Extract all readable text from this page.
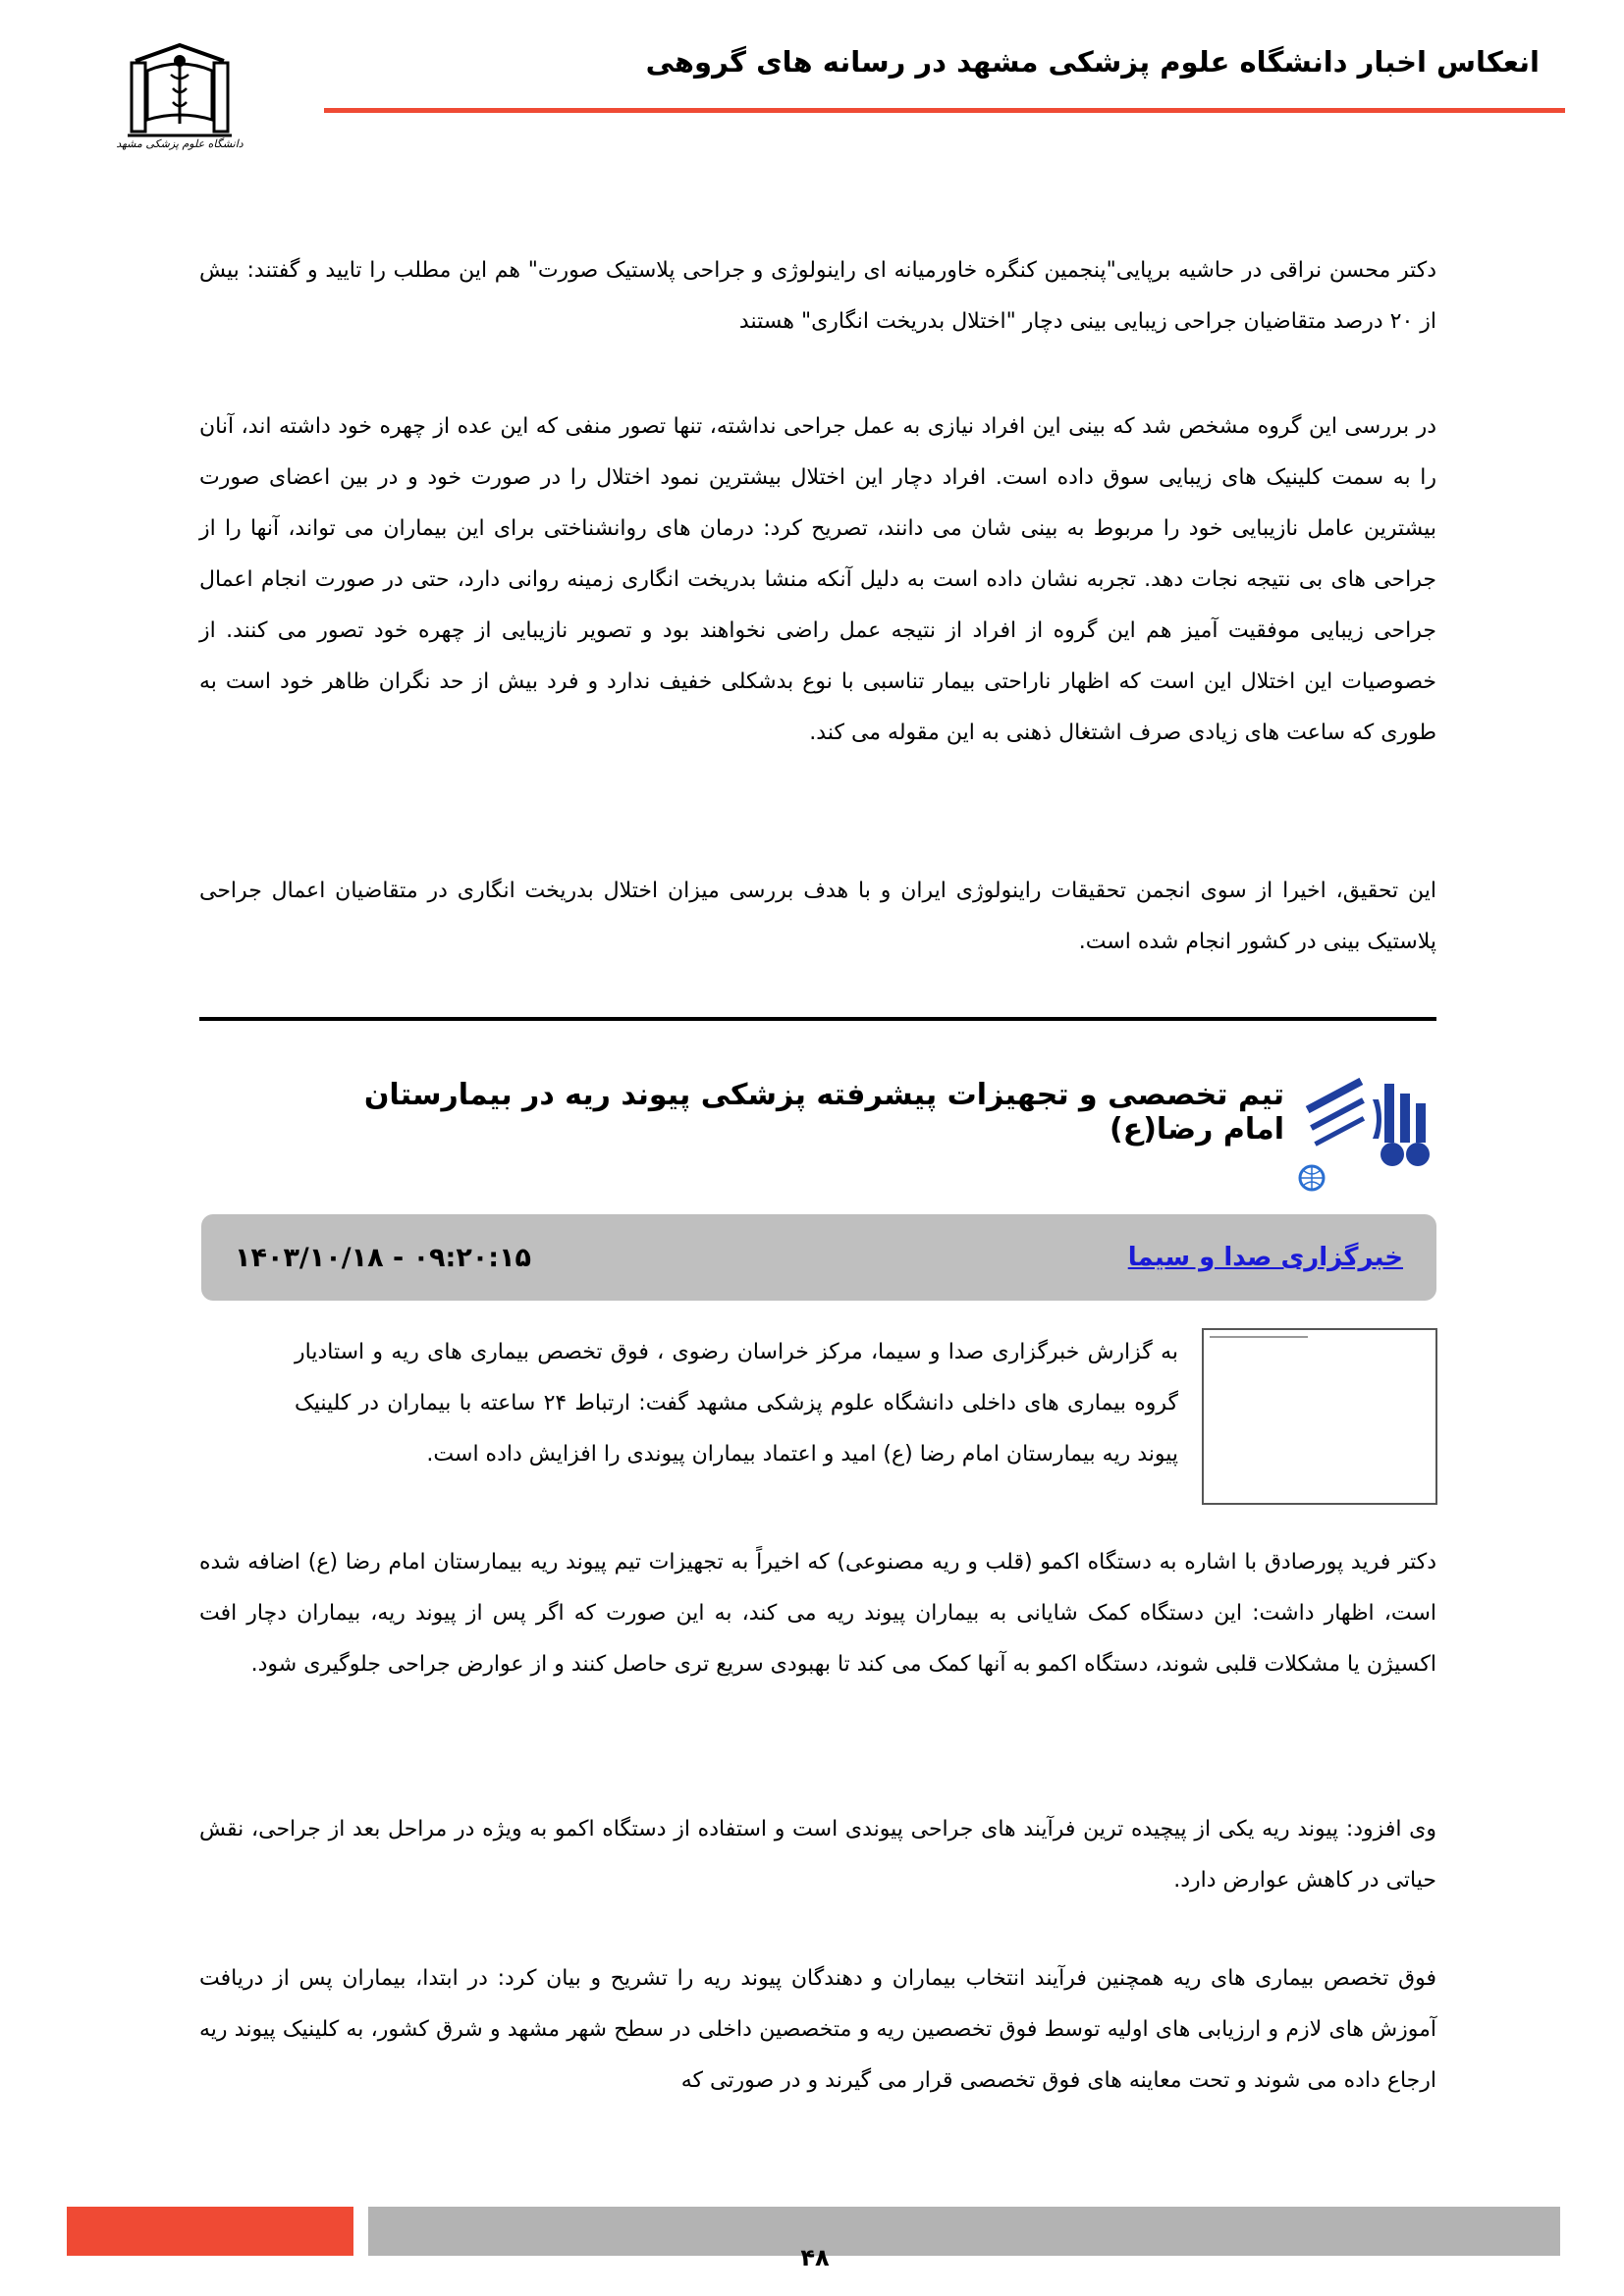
دانشگاه علوم پزشکی مشهد
انعکاس اخبار دانشگاه علوم پزشکی مشهد در رسانه های گروهی
دکتر محسن نراقی در حاشیه برپایی"پنجمین کنگره خاورمیانه ای راینولوژی و جراحی پلاستیک صورت" هم این مطلب را تایید و گفتند: بیش از ۲۰ درصد متقاضیان جراحی زیبایی بینی دچار "اختلال بدریخت انگاری" هستند
در بررسی این گروه مشخص شد که بینی این افراد نیازی به عمل جراحی نداشته، تنها تصور منفی که این عده از چهره خود داشته اند، آنان را به سمت کلینیک های زیبایی سوق داده است. افراد دچار این اختلال بیشترین نمود اختلال را در صورت خود و در بین اعضای صورت بیشترین عامل نازیبایی خود را مربوط به بینی شان می دانند، تصریح کرد: درمان های روانشناختی برای این بیماران می تواند، آنها را از جراحی های بی نتیجه نجات دهد. تجربه نشان داده است به دلیل آنکه منشا بدریخت انگاری زمینه روانی دارد، حتی در صورت انجام اعمال جراحی زیبایی موفقیت آمیز هم این گروه از افراد از نتیجه عمل راضی نخواهند بود و تصویر نازیبایی از چهره خود تصور می کنند. از خصوصیات این اختلال این است که اظهار ناراحتی بیمار تناسبی با نوع بدشکلی خفیف ندارد و فرد بیش از حد نگران ظاهر خود است به طوری که ساعت های زیادی صرف اشتغال ذهنی به این مقوله می کند.
این تحقیق، اخیرا از سوی انجمن تحقیقات راینولوژی ایران و با هدف بررسی میزان اختلال بدریخت انگاری در متقاضیان اعمال جراحی پلاستیک بینی در کشور انجام شده است.
تیم تخصصی و تجهیزات پیشرفته پزشکی پیوند ریه در بیمارستان امام رضا(ع)
خبرگزاری صدا و سیما
۱۴۰۳/۱۰/۱۸ - ۰۹:۲۰:۱۵
به گزارش خبرگزاری صدا و سیما، مرکز خراسان رضوی ، فوق تخصص بیماری های ریه و استادیار گروه بیماری های داخلی دانشگاه علوم پزشکی مشهد گفت: ارتباط ۲۴ ساعته با بیماران در کلینیک پیوند ریه بیمارستان امام رضا (ع) امید و اعتماد بیماران پیوندی را افزایش داده است.
دکتر فرید پورصادق با اشاره به دستگاه اکمو (قلب و ریه مصنوعی) که اخیراً به تجهیزات تیم پیوند ریه بیمارستان امام رضا (ع) اضافه شده است، اظهار داشت: این دستگاه کمک شایانی به بیماران پیوند ریه می کند، به این صورت که اگر پس از پیوند ریه، بیماران دچار افت اکسیژن یا مشکلات قلبی شوند، دستگاه اکمو به آنها کمک می کند تا بهبودی سریع تری حاصل کنند و از عوارض جراحی جلوگیری شود.
وی افزود: پیوند ریه یکی از پیچیده ترین فرآیند های جراحی پیوندی است و استفاده از دستگاه اکمو به ویژه در مراحل بعد از جراحی، نقش حیاتی در کاهش عوارض دارد.
فوق تخصص بیماری های ریه همچنین فرآیند انتخاب بیماران و دهندگان پیوند ریه را تشریح و بیان کرد: در ابتدا، بیماران پس از دریافت آموزش های لازم و ارزیابی های اولیه توسط فوق تخصصین ریه و متخصصین داخلی در سطح شهر مشهد و شرق کشور، به کلینیک پیوند ریه ارجاع داده می شوند و تحت معاینه های فوق تخصصی قرار می گیرند و در صورتی که
۴۸
